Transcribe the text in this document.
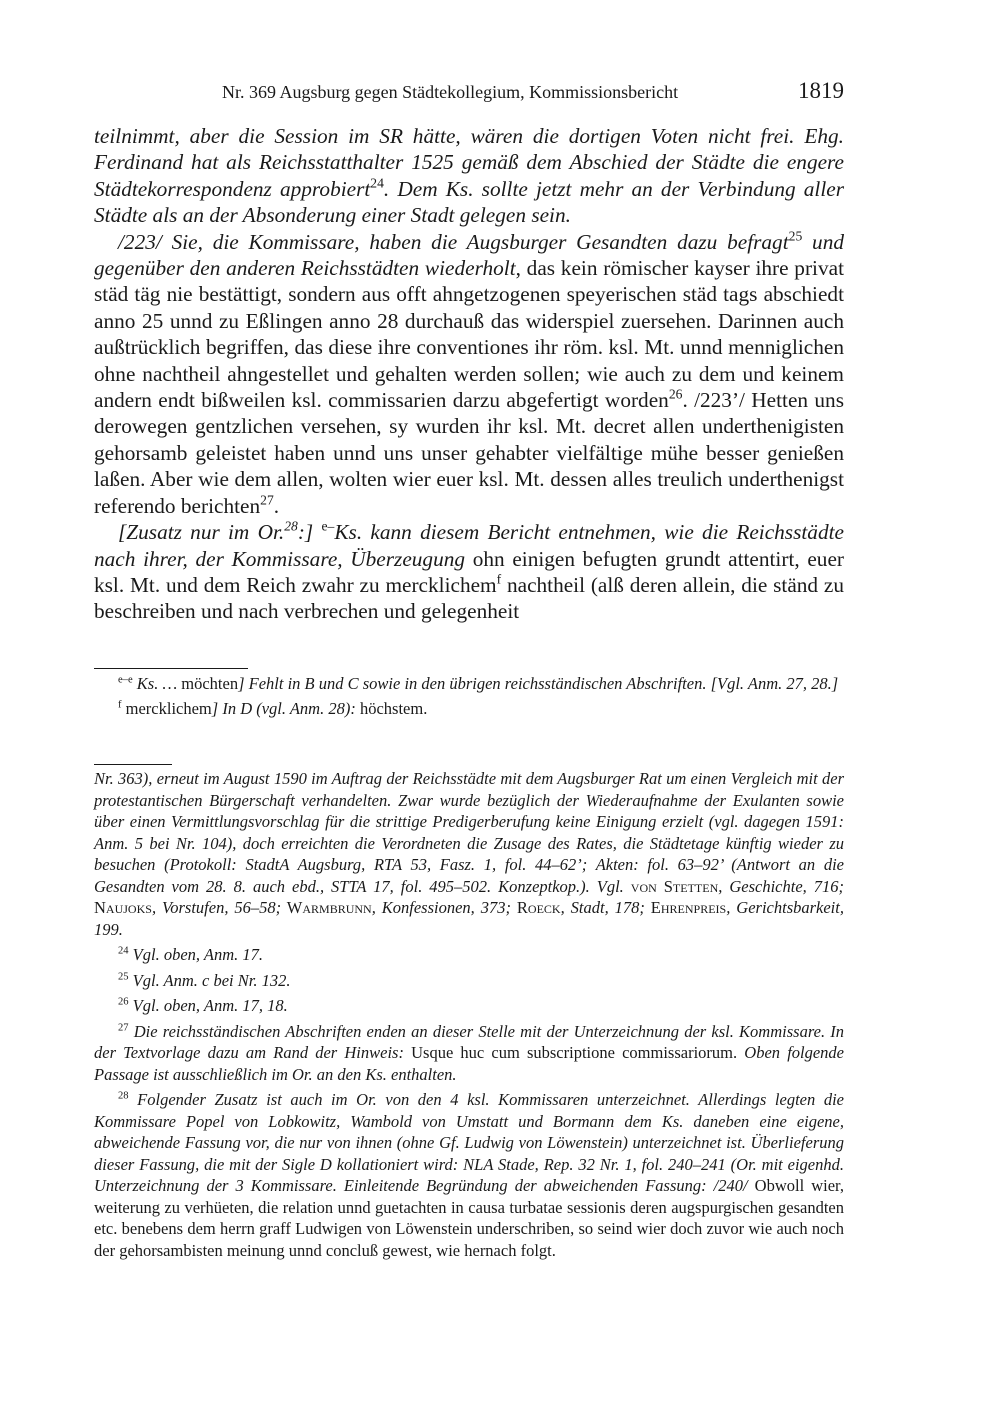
Nr. 369 Augsburg gegen Städtekollegium, Kommissionsbericht	1819

teilnimmt, aber die Session im SR hätte, wären die dortigen Voten nicht frei. Ehg. Ferdinand hat als Reichsstatthalter 1525 gemäß dem Abschied der Städte die engere Städtekorrespondenz approbiert$^{24}$. Dem Ks. sollte jetzt mehr an der Verbindung aller Städte als an der Absonderung einer Stadt gelegen sein.

/223/ Sie, die Kommissare, haben die Augsburger Gesandten dazu befragt$^{25}$ und gegenüber den anderen Reichsstädten wiederholt, das kein römischer kayser ihre privat städ täg nie bestättigt, sondern aus offt ahngetzogenen speyerischen städ tags abschiedt anno 25 unnd zu Eßlingen anno 28 durchauß das widerspiel zuersehen. Darinnen auch außtrücklich begriffen, das diese ihre conventiones ihr röm. ksl. Mt. unnd menniglichen ohne nachtheil ahngestellet und gehalten werden sollen; wie auch zu dem und keinem andern endt bißweilen ksl. commissarien darzu abgefertigt worden$^{26}$. /223’/ Hetten uns derowegen gentzlichen versehen, sy wurden ihr ksl. Mt. decret allen underthenigisten gehorsamb geleistet haben unnd uns unser gehabter vielfältige mühe besser genießen laßen. Aber wie dem allen, wolten wier euer ksl. Mt. dessen alles treulich underthenigst referendo berichten$^{27}$.

[Zusatz nur im Or.$^{28}$:] $^{e-}$Ks. kann diesem Bericht entnehmen, wie die Reichsstädte nach ihrer, der Kommissare, Überzeugung ohn einigen befugten grundt attentirt, euer ksl. Mt. und dem Reich zwahr zu mercklichem$^f$ nachtheil (alß deren allein, die ständ zu beschreiben und nach verbrechen und gelegenheit

$^{e-e}$ Ks. … möchten] Fehlt in B und C sowie in den übrigen reichsständischen Abschriften. [Vgl. Anm. 27, 28.]

$^f$ mercklichem] In D (vgl. Anm. 28): höchstem.

Nr. 363), erneut im August 1590 im Auftrag der Reichsstädte mit dem Augsburger Rat um einen Vergleich mit der protestantischen Bürgerschaft verhandelten. Zwar wurde bezüglich der Wiederaufnahme der Exulanten sowie über einen Vermittlungsvorschlag für die strittige Predigerberufung keine Einigung erzielt (vgl. dagegen 1591: Anm. 5 bei Nr. 104), doch erreichten die Verordneten die Zusage des Rates, die Städtetage künftig wieder zu besuchen (Protokoll: StadtA Augsburg, RTA 53, Fasz. 1, fol. 44–62’; Akten: fol. 63–92’ (Antwort an die Gesandten vom 28. 8. auch ebd., STTA 17, fol. 495–502. Konzeptkop.). Vgl. von Stetten, Geschichte, 716; Naujoks, Vorstufen, 56–58; Warmbrunn, Konfessionen, 373; Roeck, Stadt, 178; Ehrenpreis, Gerichtsbarkeit, 199.

$^{24}$ Vgl. oben, Anm. 17.

$^{25}$ Vgl. Anm. c bei Nr. 132.

$^{26}$ Vgl. oben, Anm. 17, 18.

$^{27}$ Die reichsständischen Abschriften enden an dieser Stelle mit der Unterzeichnung der ksl. Kommissare. In der Textvorlage dazu am Rand der Hinweis: Usque huc cum subscriptione commissariorum. Oben folgende Passage ist ausschließlich im Or. an den Ks. enthalten.

$^{28}$ Folgender Zusatz ist auch im Or. von den 4 ksl. Kommissaren unterzeichnet. Allerdings legten die Kommissare Popel von Lobkowitz, Wambold von Umstatt und Bormann dem Ks. daneben eine eigene, abweichende Fassung vor, die nur von ihnen (ohne Gf. Ludwig von Löwenstein) unterzeichnet ist. Überlieferung dieser Fassung, die mit der Sigle D kollationiert wird: NLA Stade, Rep. 32 Nr. 1, fol. 240–241 (Or. mit eigenhd. Unterzeichnung der 3 Kommissare. Einleitende Begründung der abweichenden Fassung: /240/ Obwoll wier, weiterung zu verhüeten, die relation unnd guetachten in causa turbatae sessionis deren augspurgischen gesandten etc. benebens dem herrn graff Ludwigen von Löwenstein underschriben, so seind wier doch zuvor wie auch noch der gehorsambisten meinung unnd concluß gewest, wie hernach folgt.
